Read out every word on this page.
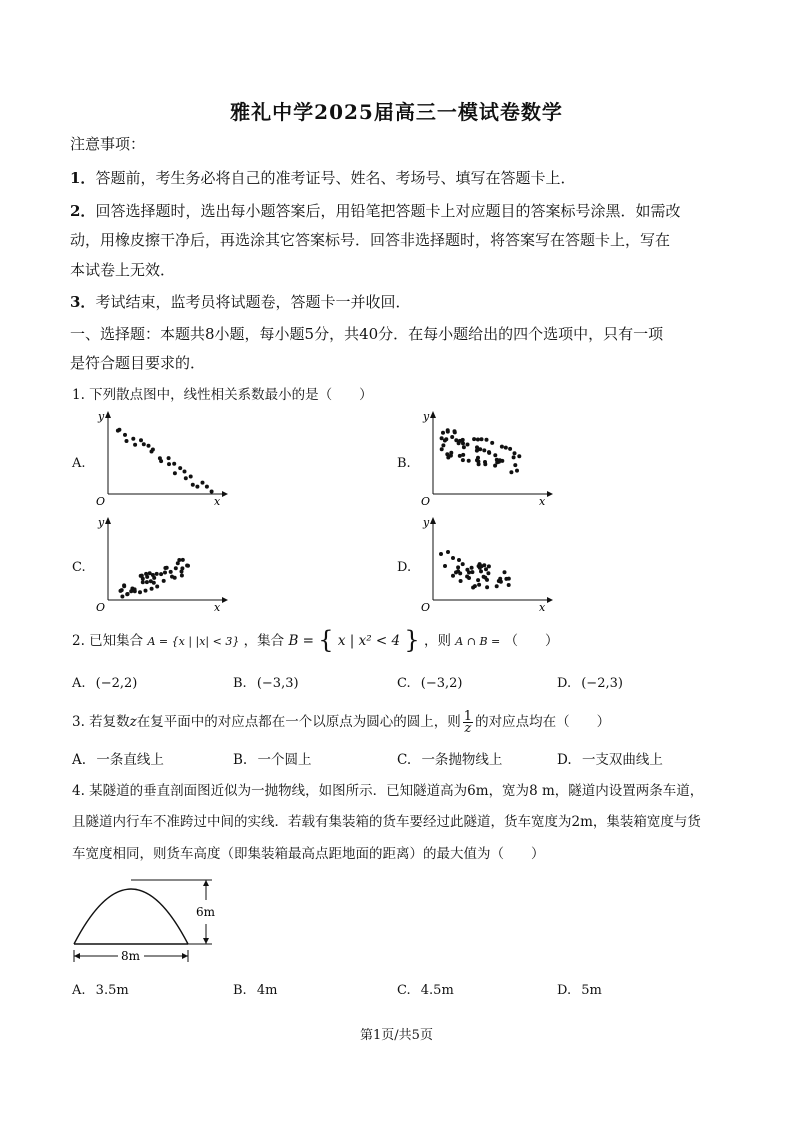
雅礼中学2025届高三一模试卷数学
注意事项：
1．答题前，考生务必将自己的准考证号、姓名、考场号、填写在答题卡上．
2．回答选择题时，选出每小题答案后，用铅笔把答题卡上对应题目的答案标号涂黑．如需改
动，用橡皮擦干净后，再选涂其它答案标号．回答非选择题时，将答案写在答题卡上，写在
本试卷上无效．
3．考试结束，监考员将试题卷，答题卡一并收回．
一、选择题：本题共8小题，每小题5分，共40分．在每小题给出的四个选项中，只有一项
是符合题目要求的．
1. 下列散点图中，线性相关系数最小的是（　　）
A.	B.
C.	D.
y
x
O
y
x
O
y
x
O
y
x
O
2. 已知集合 A = {x | |x| < 3} ，集合 B = { x | x² < 4 } ，则 A ∩ B = （　　）
A. (−2,2)	B. (−3,3)	C. (−3,2)	D. (−2,3)
3. 若复数z在复平面中的对应点都在一个以原点为圆心的圆上，则 $\frac{1}{z}$ 的对应点均在（　　）
A. 一条直线上	B. 一个圆上	C. 一条抛物线上	D. 一支双曲线上
4. 某隧道的垂直剖面图近似为一抛物线，如图所示．已知隧道高为6m，宽为8 m，隧道内设置两条车道，
且隧道内行车不准跨过中间的实线．若载有集装箱的货车要经过此隧道，货车宽度为2m，集装箱宽度与货
车宽度相同，则货车高度（即集装箱最高点距地面的距离）的最大值为（　　）
6m
8m
A. 3.5m	B. 4m	C. 4.5m	D. 5m
第1页/共5页
